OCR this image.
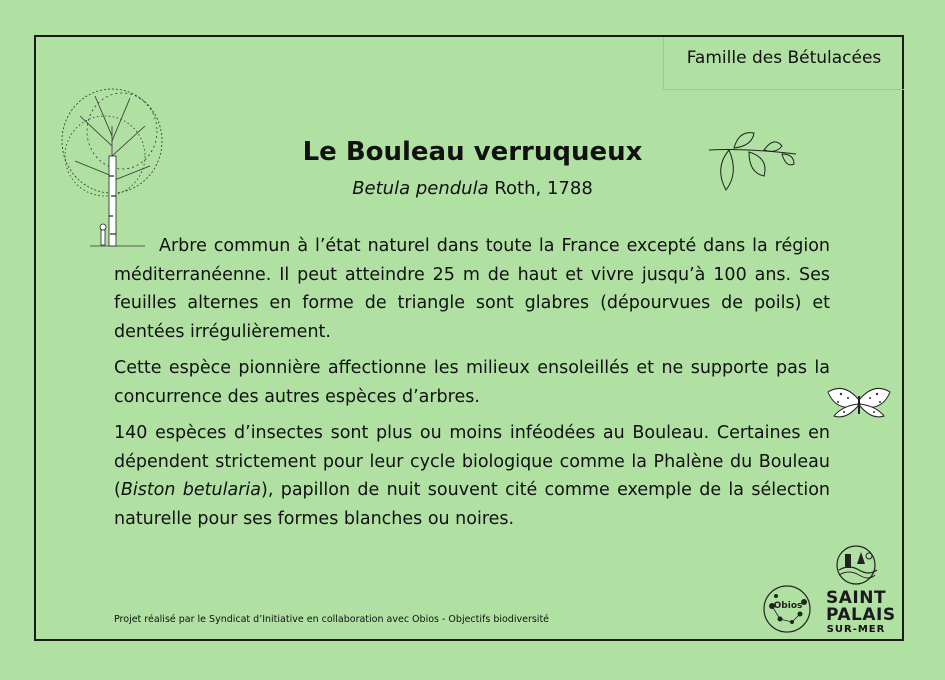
Famille des Bétulacées
Le Bouleau verruqueux
Betula pendula Roth, 1788

Arbre commun à l’état naturel dans toute la France excepté dans la région méditerranéenne. Il peut atteindre 25 m de haut et vivre jusqu’à 100 ans. Ses feuilles alternes en forme de triangle sont glabres (dépourvues de poils) et dentées irrégulièrement.

Cette espèce pionnière affectionne les milieux ensoleillés et ne supporte pas la concurrence des autres espèces d’arbres.

140 espèces d’insectes sont plus ou moins inféodées au Bouleau. Certaines en dépendent strictement pour leur cycle biologique comme la Phalène du Bouleau (Biston betularia), papillon de nuit souvent cité comme exemple de la sélection naturelle pour ses formes blanches ou noires.

Projet réalisé par le Syndicat d’Initiative en collaboration avec Obios - Objectifs biodiversité
Obios SAINT
PALAIS
SUR-MER
